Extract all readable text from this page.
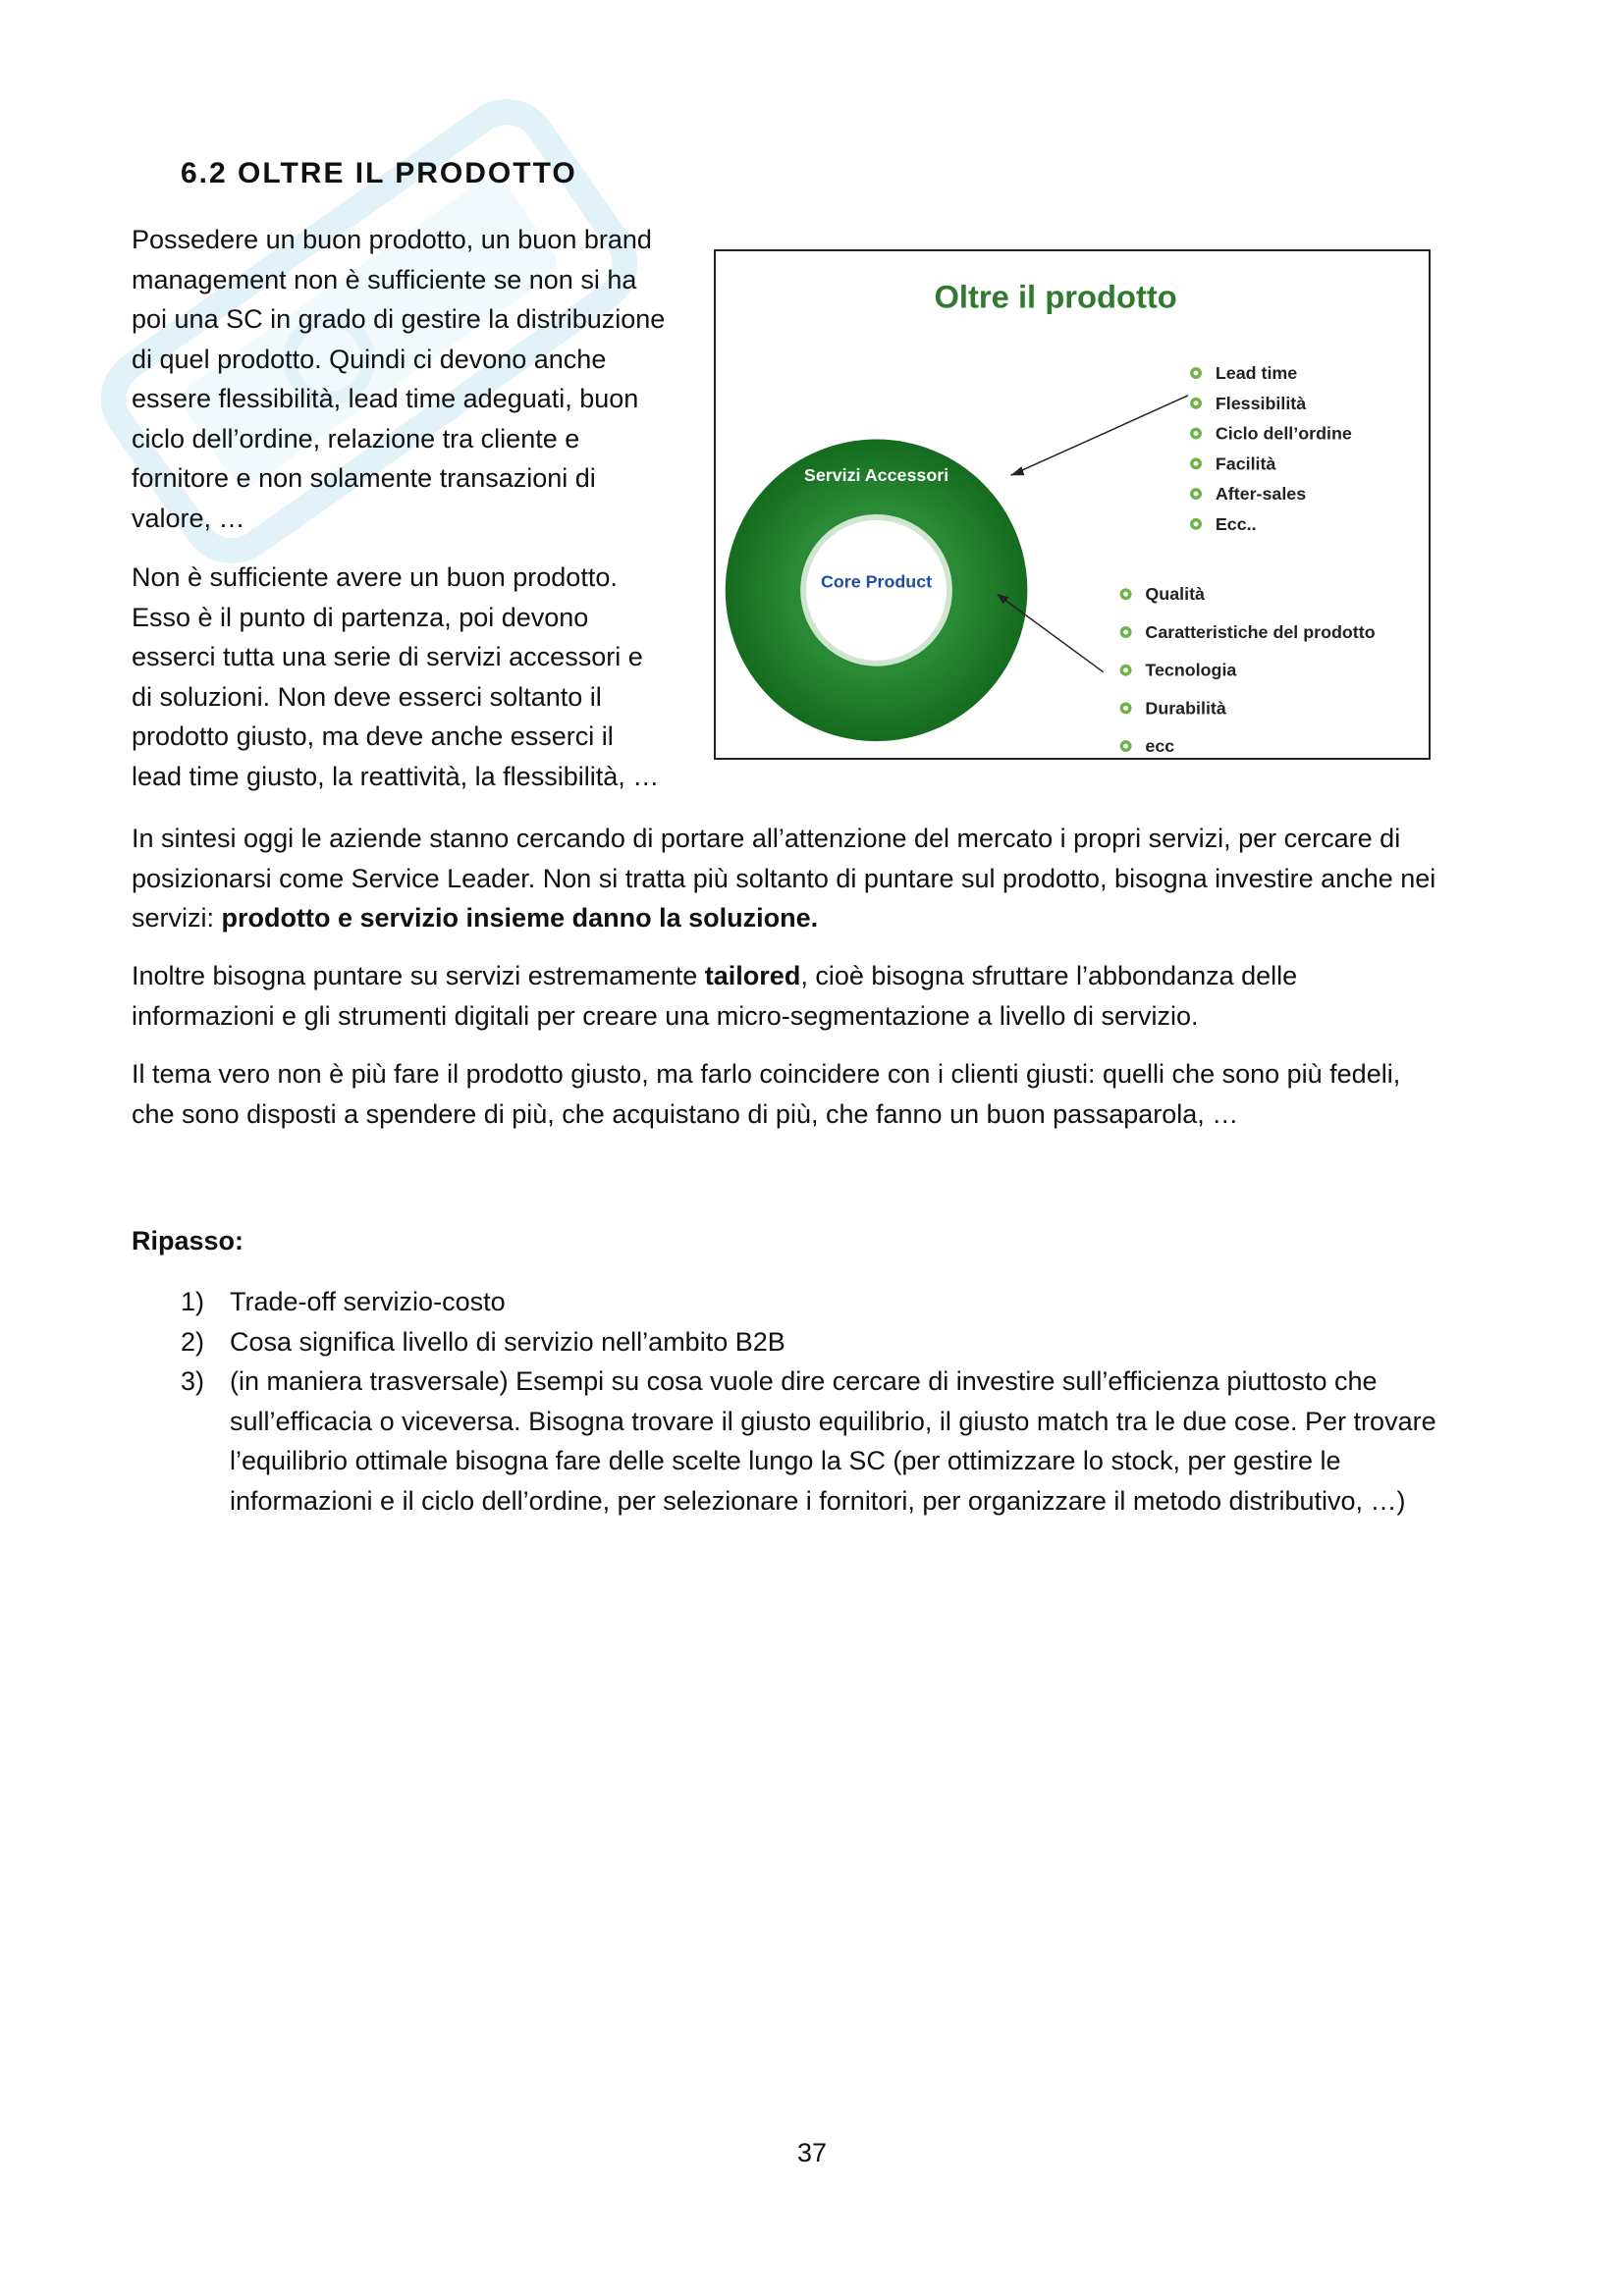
6.2 OLTRE IL PRODOTTO

Possedere un buon prodotto, un buon brand
management non è sufficiente se non si ha
poi una SC in grado di gestire la distribuzione
di quel prodotto. Quindi ci devono anche
essere flessibilità, lead time adeguati, buon
ciclo dell’ordine, relazione tra cliente e
fornitore e non solamente transazioni di
valore, …

Non è sufficiente avere un buon prodotto.
Esso è il punto di partenza, poi devono
esserci tutta una serie di servizi accessori e
di soluzioni. Non deve esserci soltanto il
prodotto giusto, ma deve anche esserci il
lead time giusto, la reattività, la flessibilità, …

Oltre il prodotto
Servizi Accessori
Core Product
Lead time
Flessibilità
Ciclo dell’ordine
Facilità
After-sales
Ecc..
Qualità
Caratteristiche del prodotto
Tecnologia
Durabilità
ecc

In sintesi oggi le aziende stanno cercando di portare all’attenzione del mercato i propri servizi, per cercare di
posizionarsi come Service Leader. Non si tratta più soltanto di puntare sul prodotto, bisogna investire anche nei
servizi: prodotto e servizio insieme danno la soluzione.

Inoltre bisogna puntare su servizi estremamente tailored, cioè bisogna sfruttare l’abbondanza delle
informazioni e gli strumenti digitali per creare una micro-segmentazione a livello di servizio.

Il tema vero non è più fare il prodotto giusto, ma farlo coincidere con i clienti giusti: quelli che sono più fedeli,
che sono disposti a spendere di più, che acquistano di più, che fanno un buon passaparola, …

Ripasso:
1) Trade-off servizio-costo
2) Cosa significa livello di servizio nell’ambito B2B
3) (in maniera trasversale) Esempi su cosa vuole dire cercare di investire sull’efficienza piuttosto che
sull’efficacia o viceversa. Bisogna trovare il giusto equilibrio, il giusto match tra le due cose. Per trovare
l’equilibrio ottimale bisogna fare delle scelte lungo la SC (per ottimizzare lo stock, per gestire le
informazioni e il ciclo dell’ordine, per selezionare i fornitori, per organizzare il metodo distributivo, …)

37
